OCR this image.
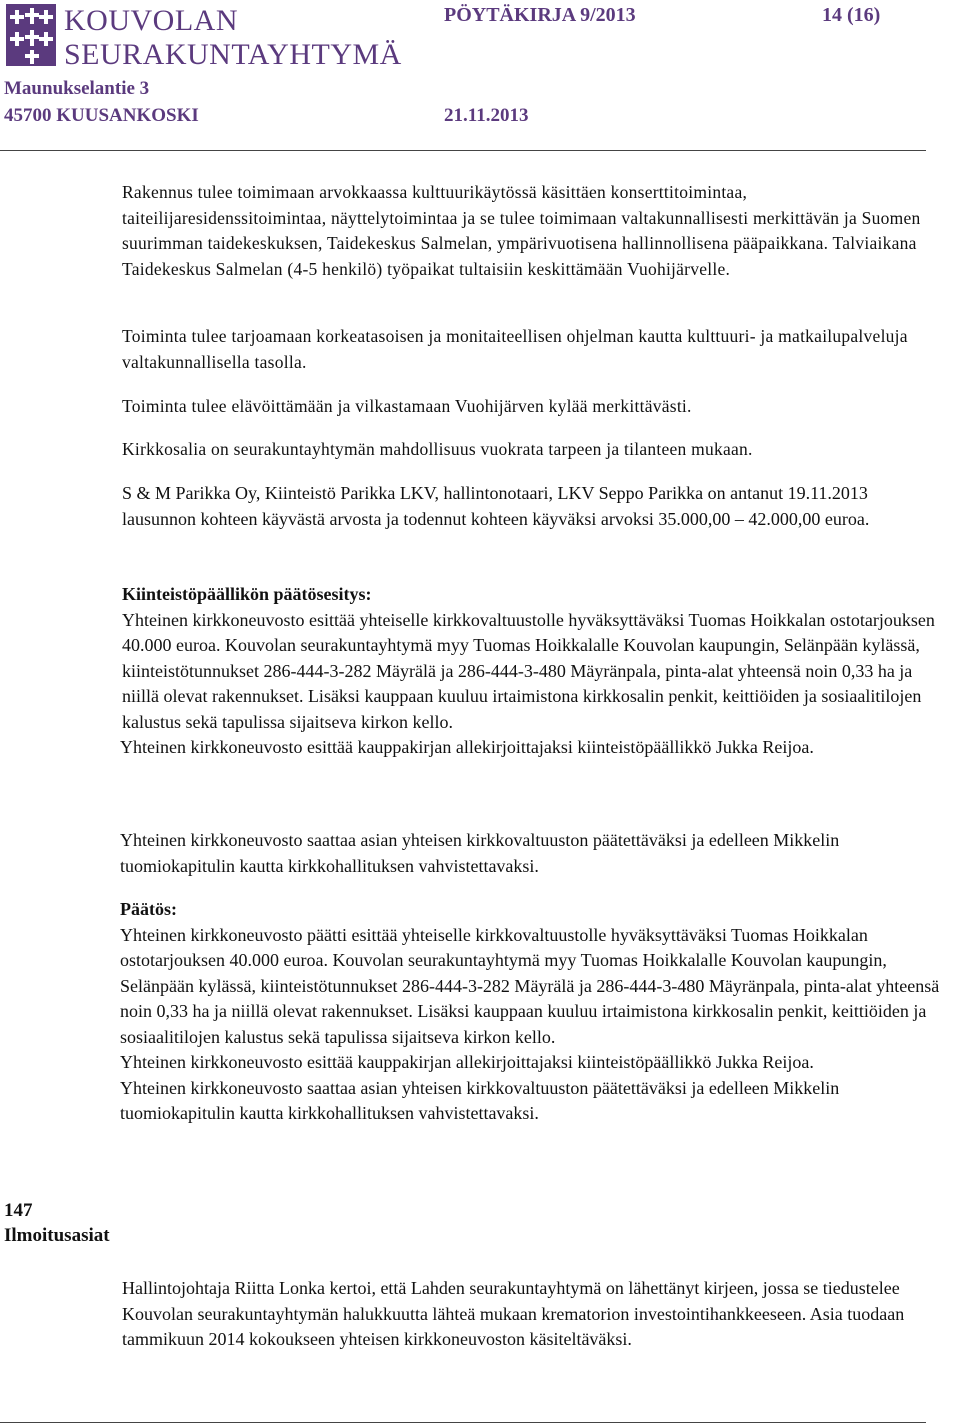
KOUVOLAN
SEURAKUNTAYHTYMÄ
PÖYTÄKIRJA 9/2013	14 (16)
Maunukselantie 3
45700 KUUSANKOSKI	21.11.2013

Rakennus tulee toimimaan arvokkaassa kulttuurikäytössä käsittäen konserttitoimintaa, taiteilijaresidenssitoimintaa, näyttelytoimintaa ja se tulee toimimaan valtakunnallisesti merkittävän ja Suomen suurimman taidekeskuksen, Taidekeskus Salmelan, ympärivuotisena hallinnollisena pääpaikkana. Talviaikana Taidekeskus Salmelan (4-5 henkilö) työpaikat tultaisiin keskittämään Vuohijärvelle.

Toiminta tulee tarjoamaan korkeatasoisen ja monitaiteellisen ohjelman kautta kulttuuri- ja matkailupalveluja valtakunnallisella tasolla.

Toiminta tulee elävöittämään ja vilkastamaan Vuohijärven kylää merkittävästi.

Kirkkosalia on seurakuntayhtymän mahdollisuus vuokrata tarpeen ja tilanteen mukaan.

S & M Parikka Oy, Kiinteistö Parikka LKV, hallintonotaari, LKV Seppo Parikka on antanut 19.11.2013 lausunnon kohteen käyvästä arvosta ja todennut kohteen käyväksi arvoksi 35.000,00 – 42.000,00 euroa.

Kiinteistöpäällikön päätösesitys:

Yhteinen kirkkoneuvosto esittää yhteiselle kirkkovaltuustolle hyväksyttäväksi Tuomas Hoikkalan ostotarjouksen 40.000 euroa. Kouvolan seurakuntayhtymä myy Tuomas Hoikkalalle Kouvolan kaupungin, Selänpään kylässä, kiinteistötunnukset 286-444-3-282 Mäyrälä ja 286-444-3-480 Mäyränpala, pinta-alat yhteensä noin 0,33 ha ja niillä olevat rakennukset. Lisäksi kauppaan kuuluu irtaimistona kirkkosalin penkit, keittiöiden ja sosiaalitilojen kalustus sekä tapulissa sijaitseva kirkon kello.

Yhteinen kirkkoneuvosto esittää kauppakirjan allekirjoittajaksi kiinteistöpäällikkö Jukka Reijoa.

Yhteinen kirkkoneuvosto saattaa asian yhteisen kirkkovaltuuston päätettäväksi ja edelleen Mikkelin tuomiokapitulin kautta kirkkohallituksen vahvistettavaksi.

Päätös:

Yhteinen kirkkoneuvosto päätti esittää yhteiselle kirkkovaltuustolle hyväksyttäväksi Tuomas Hoikkalan ostotarjouksen 40.000 euroa. Kouvolan seurakuntayhtymä myy Tuomas Hoikkalalle Kouvolan kaupungin, Selänpään kylässä, kiinteistötunnukset 286-444-3-282 Mäyrälä ja 286-444-3-480 Mäyränpala, pinta-alat yhteensä noin 0,33 ha ja niillä olevat rakennukset. Lisäksi kauppaan kuuluu irtaimistona kirkkosalin penkit, keittiöiden ja sosiaalitilojen kalustus sekä tapulissa sijaitseva kirkon kello.

Yhteinen kirkkoneuvosto esittää kauppakirjan allekirjoittajaksi kiinteistöpäällikkö Jukka Reijoa.

Yhteinen kirkkoneuvosto saattaa asian yhteisen kirkkovaltuuston päätettäväksi ja edelleen Mikkelin tuomiokapitulin kautta kirkkohallituksen vahvistettavaksi.

147
Ilmoitusasiat

Hallintojohtaja Riitta Lonka kertoi, että Lahden seurakuntayhtymä on lähettänyt kirjeen, jossa se tiedustelee Kouvolan seurakuntayhtymän halukkuutta lähteä mukaan krematorion investointihankkeeseen. Asia tuodaan tammikuun 2014 kokoukseen yhteisen kirkkoneuvoston käsiteltäväksi.
